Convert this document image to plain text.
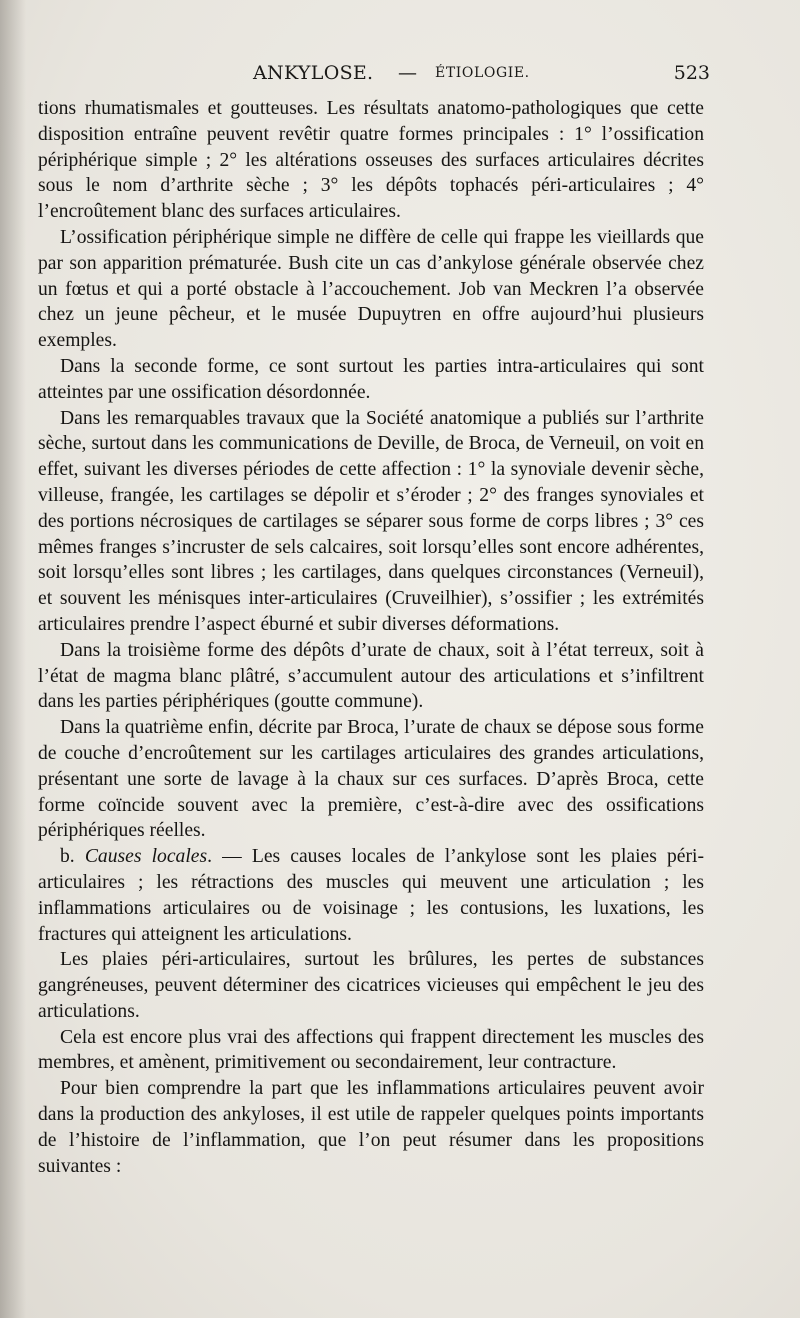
ANKYLOSE. — ÉTIOLOGIE.	523

tions rhumatismales et goutteuses. Les résultats anatomo-pathologiques que cette disposition entraîne peuvent revêtir quatre formes principales : 1° l’ossification périphérique simple ; 2° les altérations osseuses des surfaces articulaires décrites sous le nom d’arthrite sèche ; 3° les dépôts tophacés péri-articulaires ; 4° l’encroûtement blanc des surfaces articulaires.

L’ossification périphérique simple ne diffère de celle qui frappe les vieillards que par son apparition prématurée. Bush cite un cas d’ankylose générale observée chez un fœtus et qui a porté obstacle à l’accouchement. Job van Meckren l’a observée chez un jeune pêcheur, et le musée Dupuytren en offre aujourd’hui plusieurs exemples.

Dans la seconde forme, ce sont surtout les parties intra-articulaires qui sont atteintes par une ossification désordonnée.

Dans les remarquables travaux que la Société anatomique a publiés sur l’arthrite sèche, surtout dans les communications de Deville, de Broca, de Verneuil, on voit en effet, suivant les diverses périodes de cette affection : 1° la synoviale devenir sèche, villeuse, frangée, les cartilages se dépolir et s’éroder ; 2° des franges synoviales et des portions nécrosiques de cartilages se séparer sous forme de corps libres ; 3° ces mêmes franges s’incruster de sels calcaires, soit lorsqu’elles sont encore adhérentes, soit lorsqu’elles sont libres ; les cartilages, dans quelques circonstances (Verneuil), et souvent les ménisques inter-articulaires (Cruveilhier), s’ossifier ; les extrémités articulaires prendre l’aspect éburné et subir diverses déformations.

Dans la troisième forme des dépôts d’urate de chaux, soit à l’état terreux, soit à l’état de magma blanc plâtré, s’accumulent autour des articulations et s’infiltrent dans les parties périphériques (goutte commune).

Dans la quatrième enfin, décrite par Broca, l’urate de chaux se dépose sous forme de couche d’encroûtement sur les cartilages articulaires des grandes articulations, présentant une sorte de lavage à la chaux sur ces surfaces. D’après Broca, cette forme coïncide souvent avec la première, c’est-à-dire avec des ossifications périphériques réelles.

b. Causes locales. — Les causes locales de l’ankylose sont les plaies péri-articulaires ; les rétractions des muscles qui meuvent une articulation ; les inflammations articulaires ou de voisinage ; les contusions, les luxations, les fractures qui atteignent les articulations.

Les plaies péri-articulaires, surtout les brûlures, les pertes de substances gangréneuses, peuvent déterminer des cicatrices vicieuses qui empêchent le jeu des articulations.

Cela est encore plus vrai des affections qui frappent directement les muscles des membres, et amènent, primitivement ou secondairement, leur contracture.

Pour bien comprendre la part que les inflammations articulaires peuvent avoir dans la production des ankyloses, il est utile de rappeler quelques points importants de l’histoire de l’inflammation, que l’on peut résumer dans les propositions suivantes :
